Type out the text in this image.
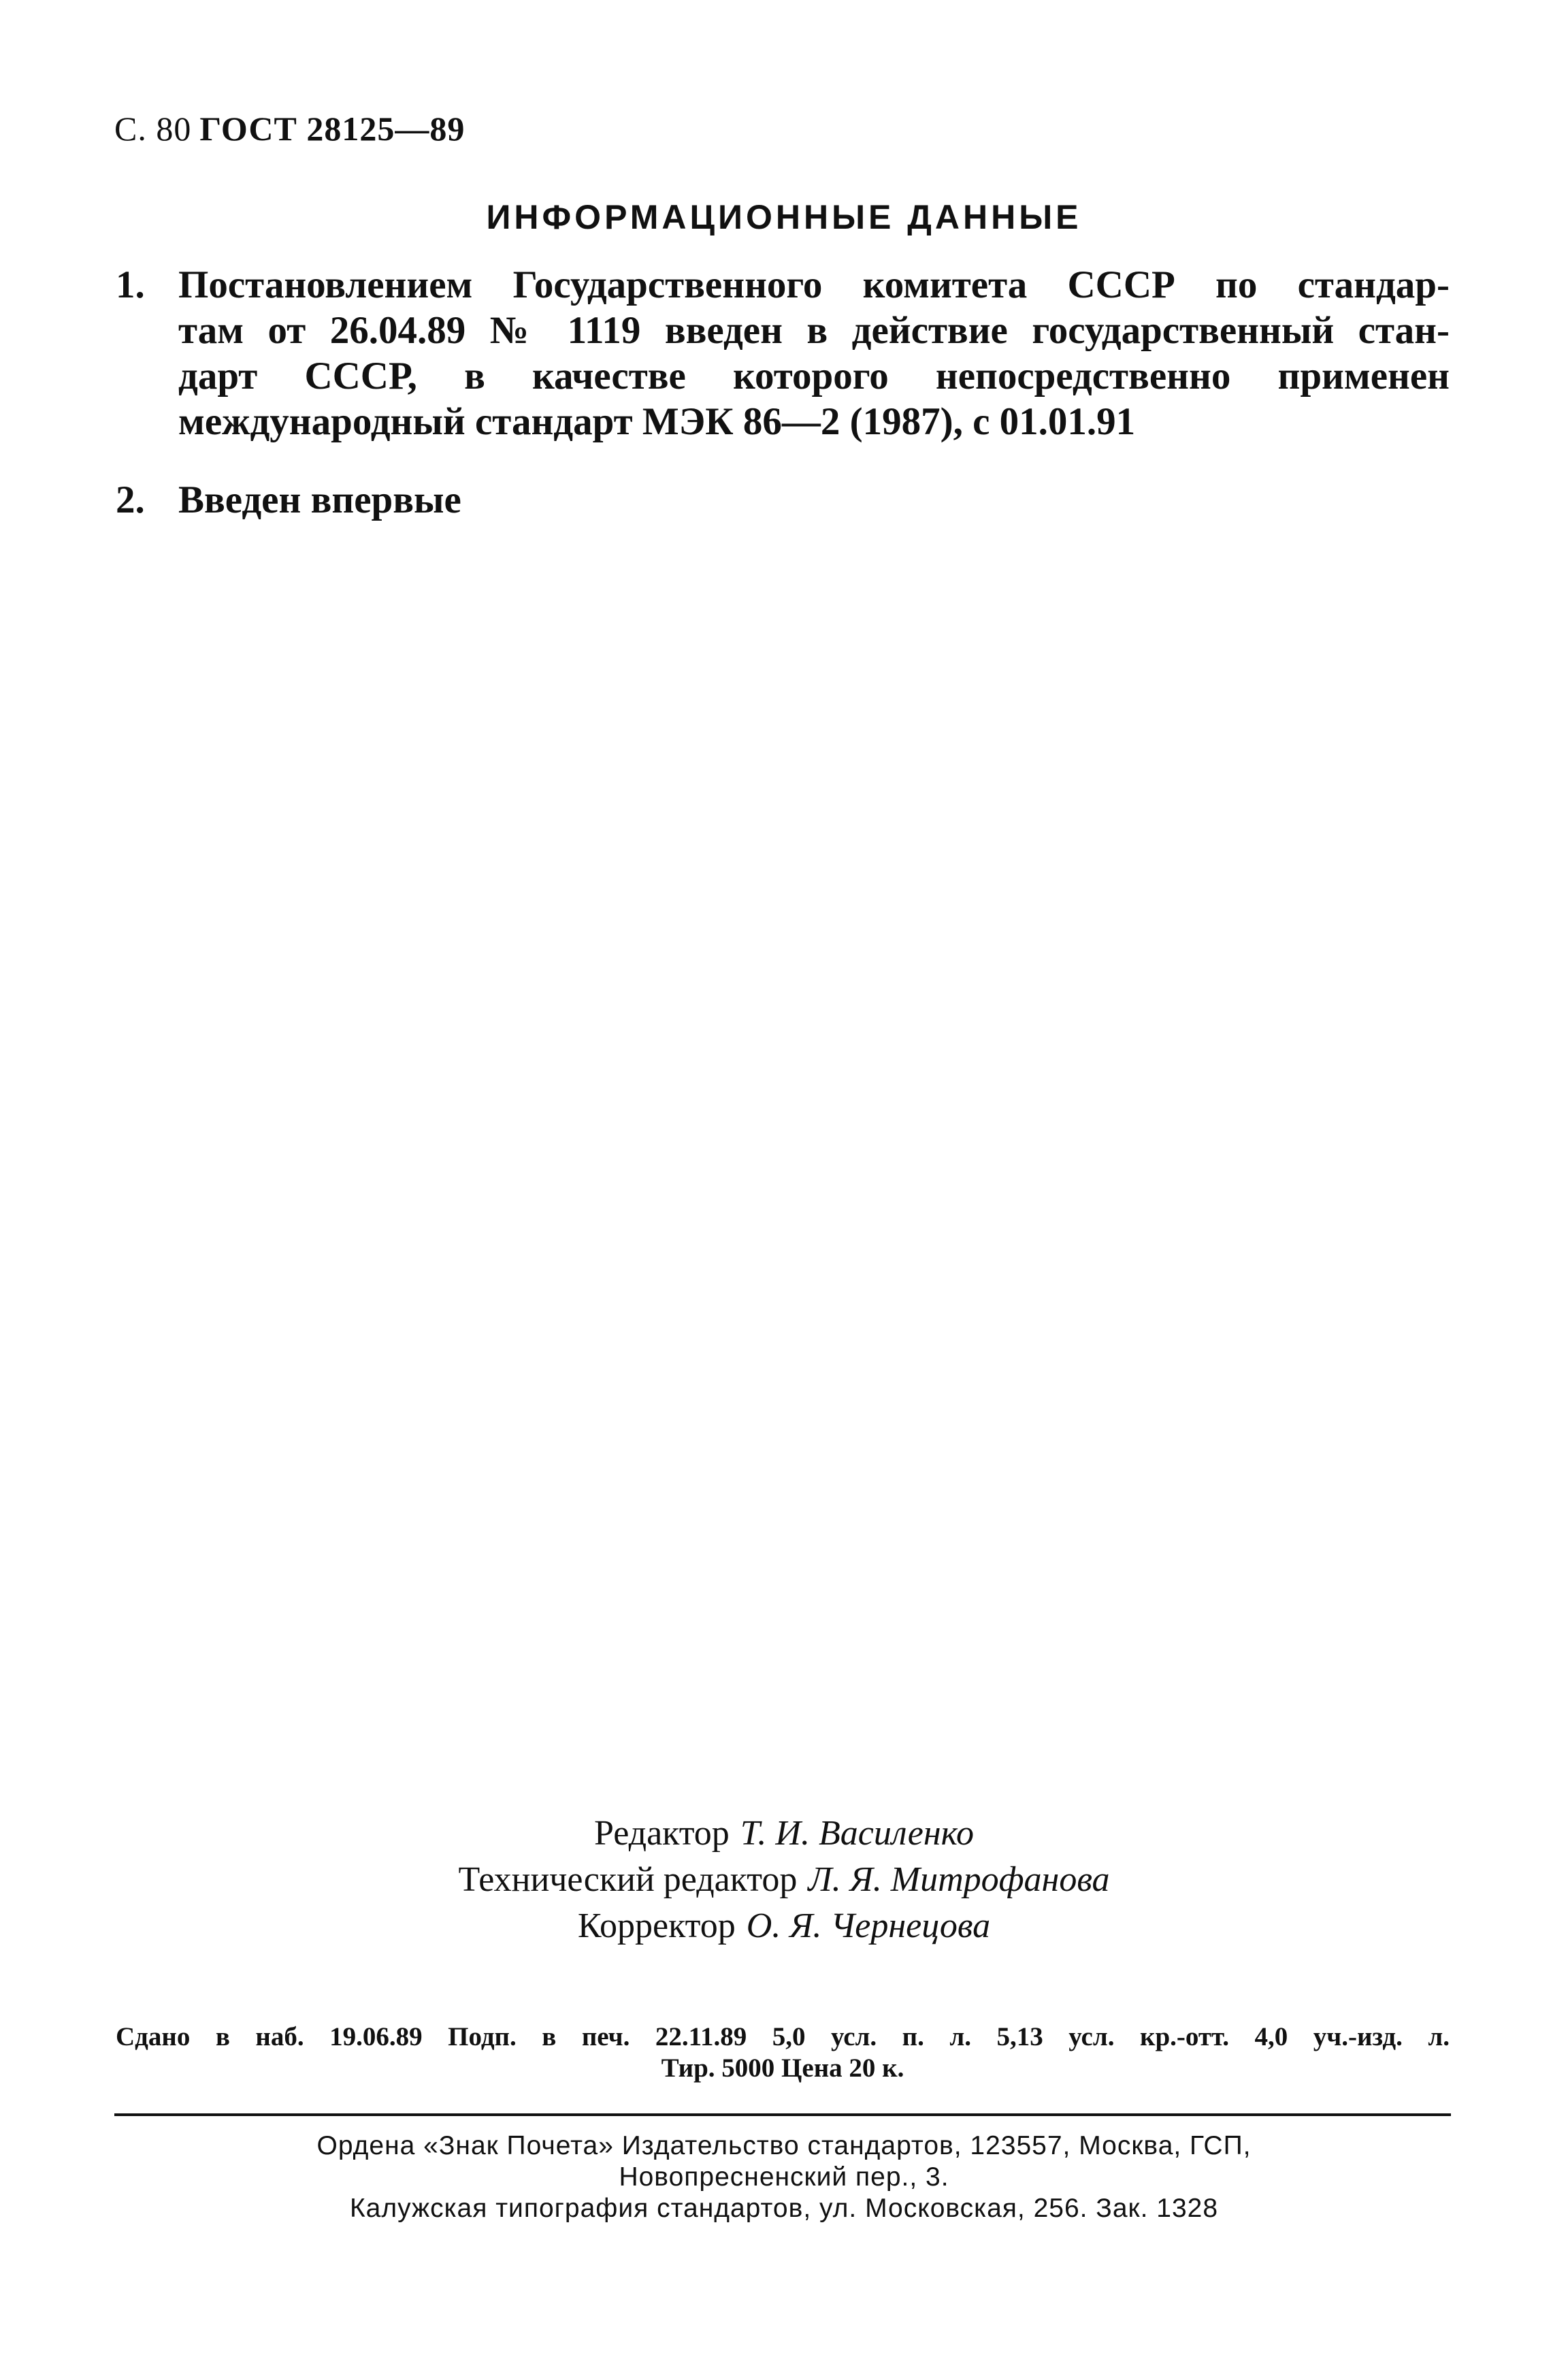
С. 80 ГОСТ 28125—89
ИНФОРМАЦИОННЫЕ ДАННЫЕ
1. Постановлением Государственного комитета СССР по стандар-
там от 26.04.89 № 1119 введен в действие государственный стан-
дарт СССР, в качестве которого непосредственно применен
международный стандарт МЭК 86—2 (1987), с 01.01.91
2. Введен впервые
Редактор Т. И. Василенко
Технический редактор Л. Я. Митрофанова
Корректор О. Я. Чернецова
Сдано в наб. 19.06.89 Подп. в печ. 22.11.89 5,0 усл. п. л. 5,13 усл. кр.-отт. 4,0 уч.-изд. л.
Тир. 5000 Цена 20 к.
Ордена «Знак Почета» Издательство стандартов, 123557, Москва, ГСП,
Новопресненский пер., 3.
Калужская типография стандартов, ул. Московская, 256. Зак. 1328
